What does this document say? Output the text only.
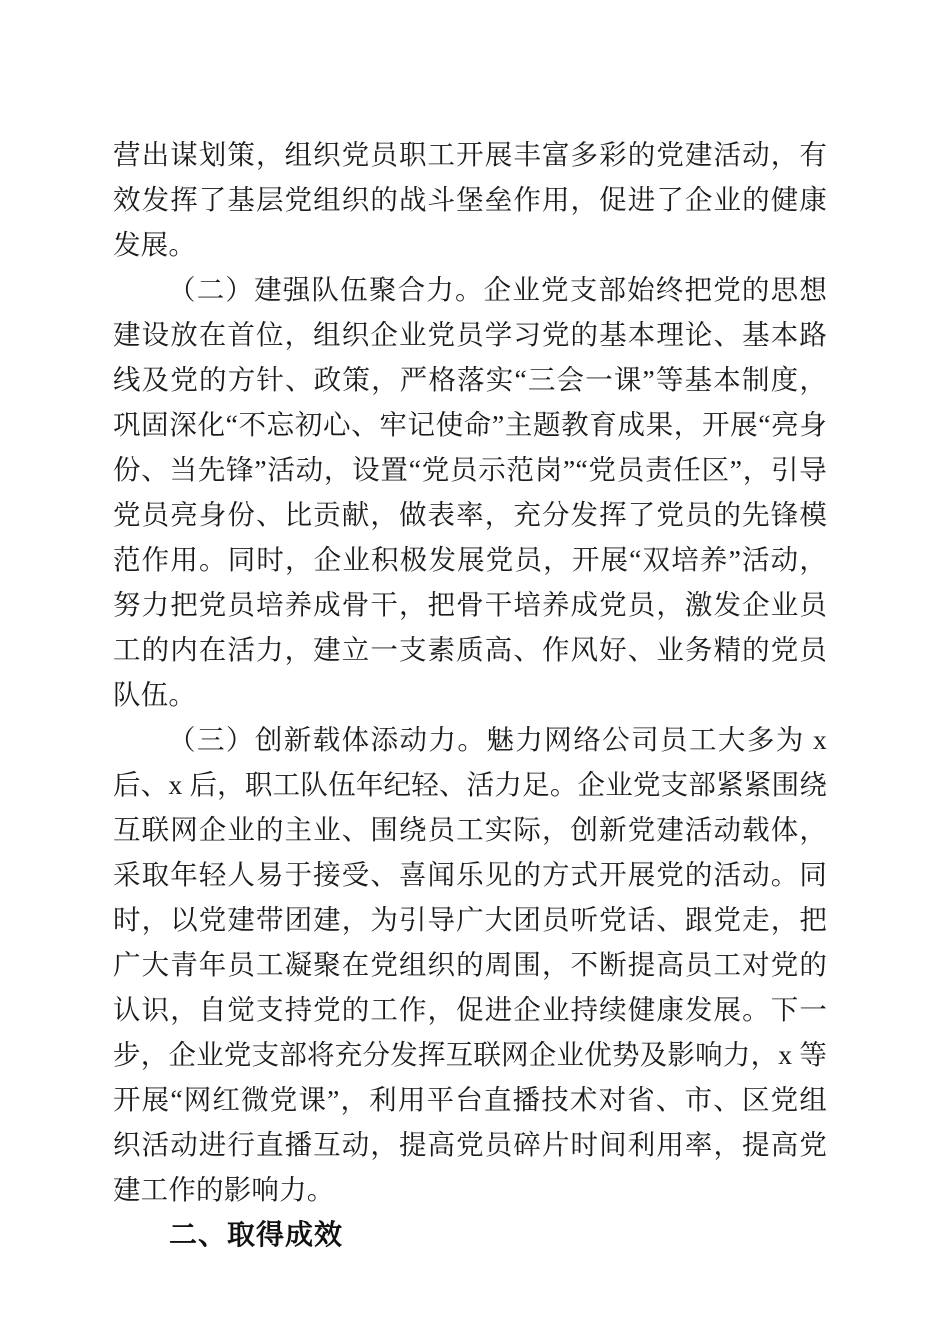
营出谋划策，组织党员职工开展丰富多彩的党建活动，有效发挥了基层党组织的战斗堡垒作用，促进了企业的健康发展。

（二）建强队伍聚合力。企业党支部始终把党的思想建设放在首位，组织企业党员学习党的基本理论、基本路线及党的方针、政策，严格落实“三会一课”等基本制度，巩固深化“不忘初心、牢记使命”主题教育成果，开展“亮身份、当先锋”活动，设置“党员示范岗”“党员责任区”，引导党员亮身份、比贡献，做表率，充分发挥了党员的先锋模范作用。同时，企业积极发展党员，开展“双培养”活动，努力把党员培养成骨干，把骨干培养成党员，激发企业员工的内在活力，建立一支素质高、作风好、业务精的党员队伍。

（三）创新载体添动力。魅力网络公司员工大多为 x 后、x 后，职工队伍年纪轻、活力足。企业党支部紧紧围绕互联网企业的主业、围绕员工实际，创新党建活动载体，采取年轻人易于接受、喜闻乐见的方式开展党的活动。同时，以党建带团建，为引导广大团员听党话、跟党走，把广大青年员工凝聚在党组织的周围，不断提高员工对党的认识，自觉支持党的工作，促进企业持续健康发展。下一步，企业党支部将充分发挥互联网企业优势及影响力，x 等开展“网红微党课”，利用平台直播技术对省、市、区党组织活动进行直播互动，提高党员碎片时间利用率，提高党建工作的影响力。

二、取得成效
